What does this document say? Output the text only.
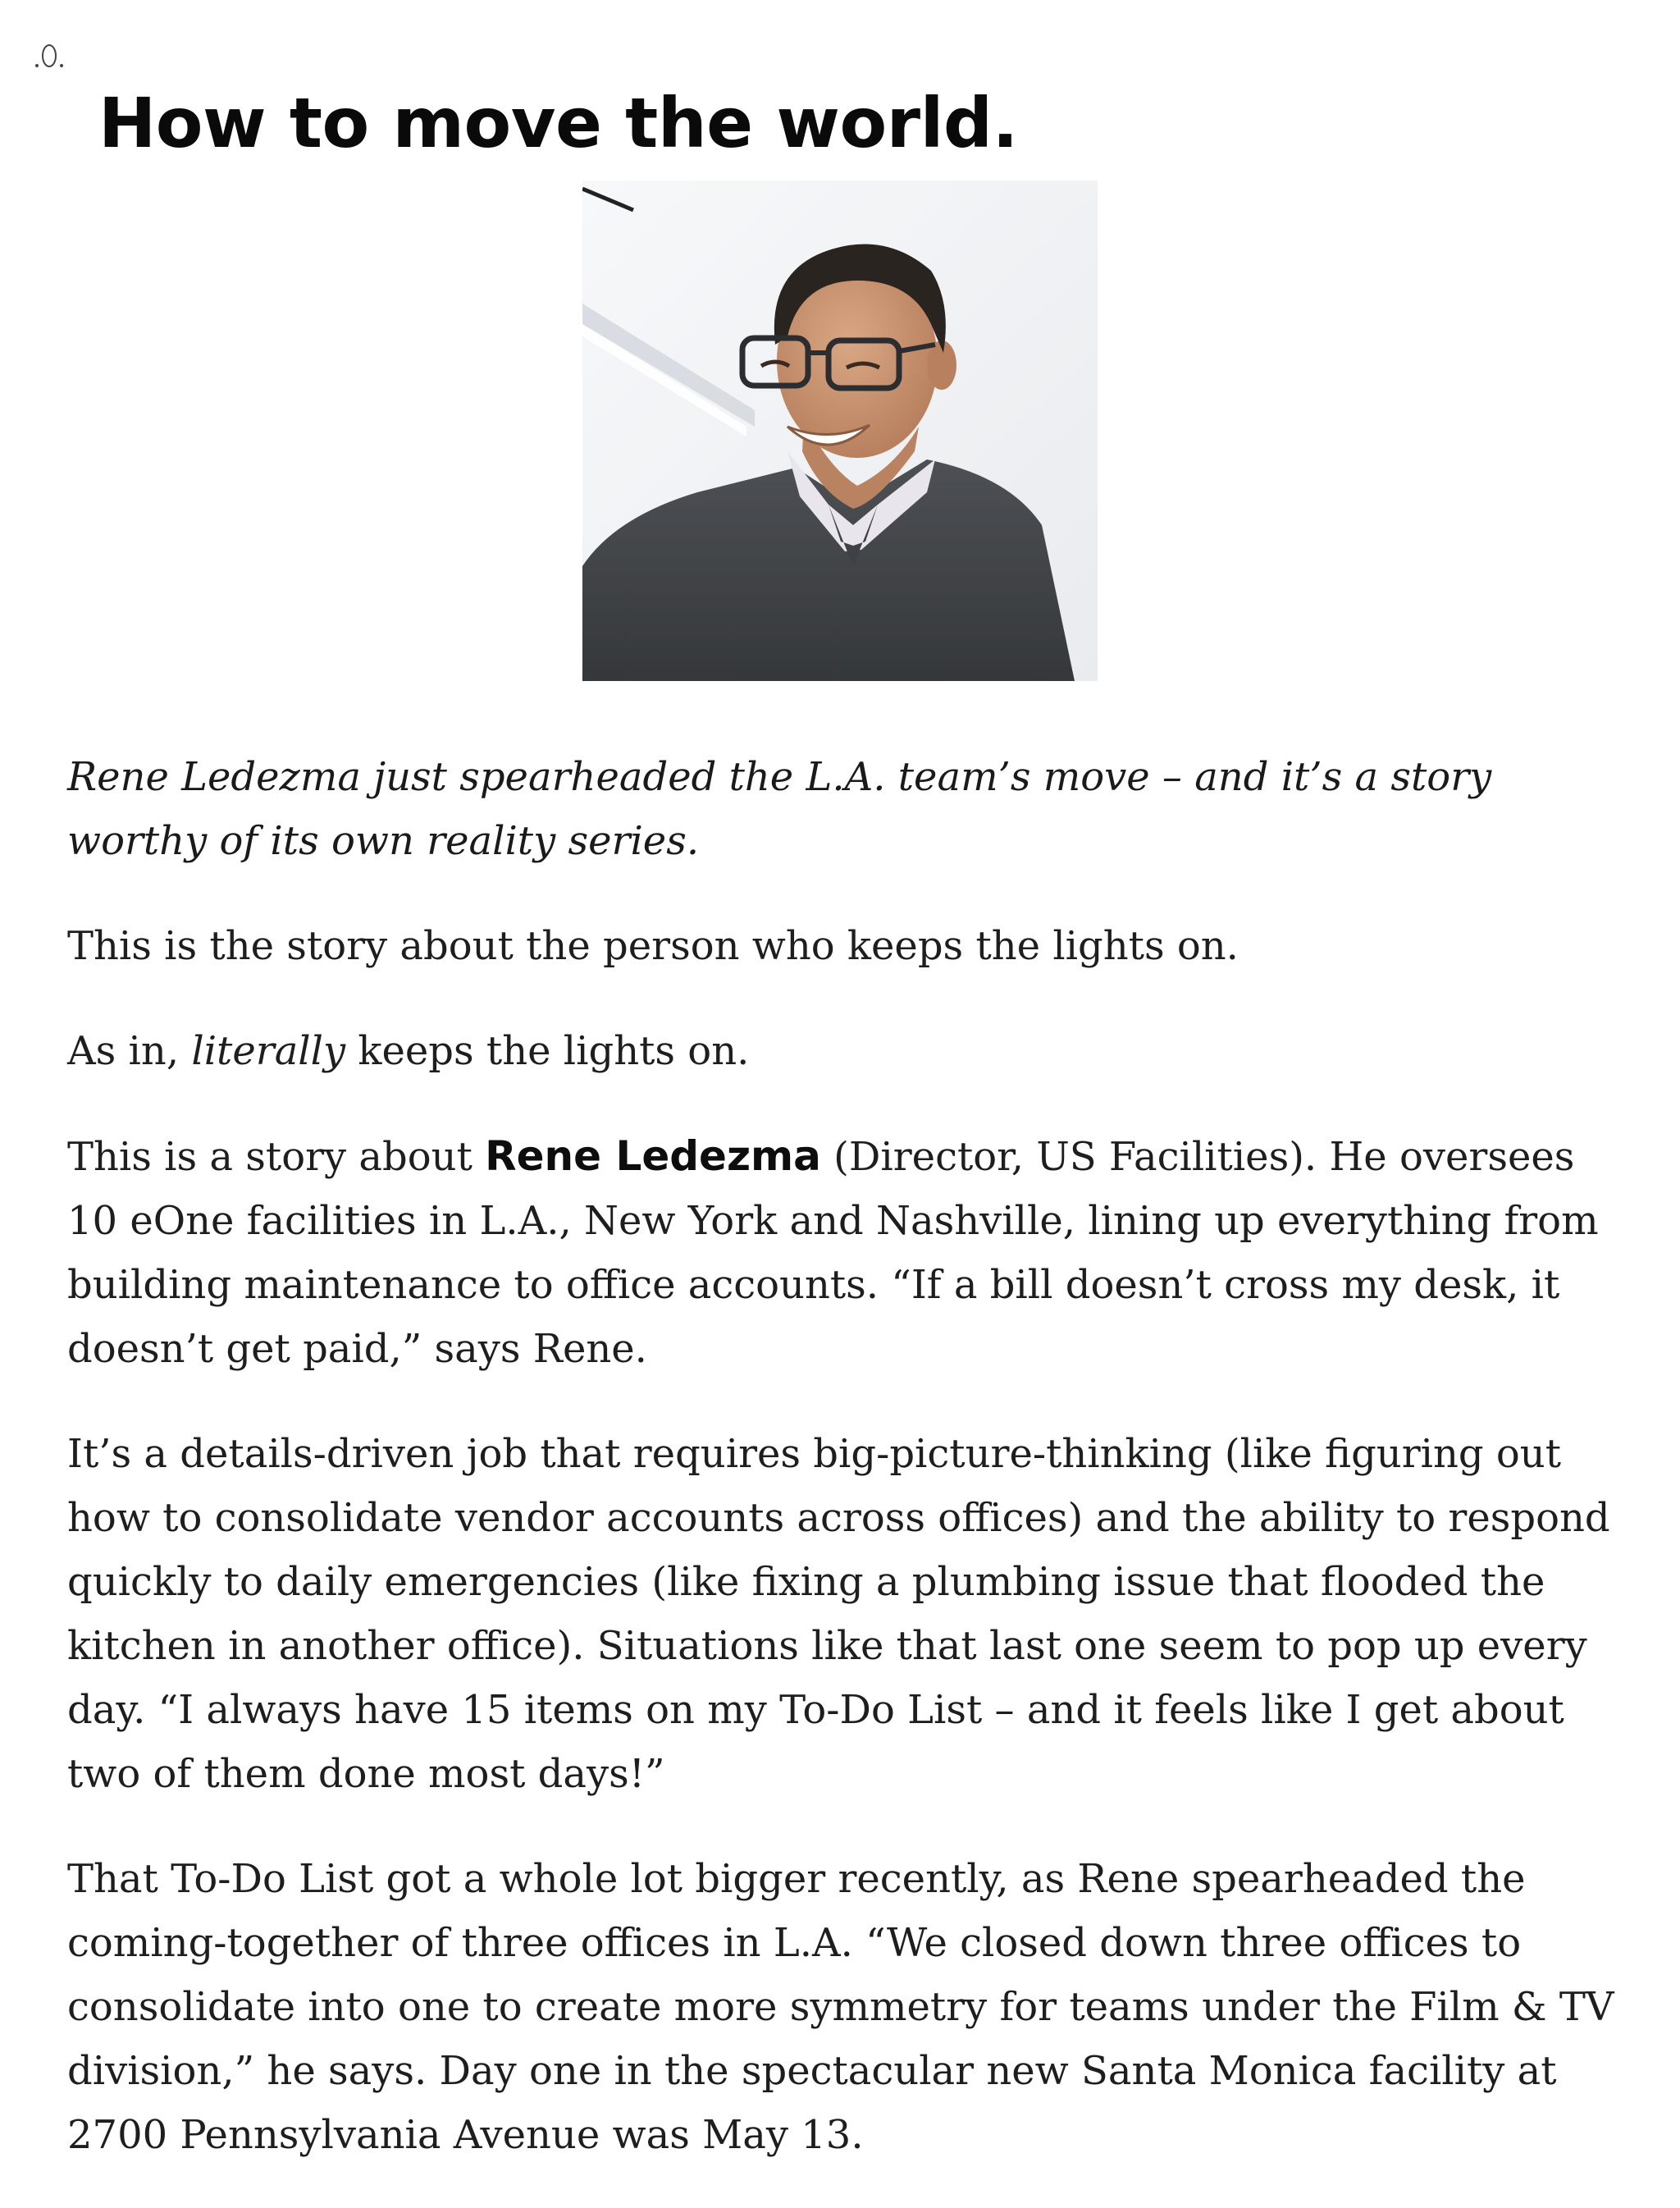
How to move the world.

Rene Ledezma just spearheaded the L.A. team’s move – and it’s a story worthy of its own reality series.

This is the story about the person who keeps the lights on.

As in, literally keeps the lights on.

This is a story about Rene Ledezma (Director, US Facilities). He oversees 10 eOne facilities in L.A., New York and Nashville, lining up everything from building maintenance to office accounts. “If a bill doesn’t cross my desk, it doesn’t get paid,” says Rene.

It’s a details-driven job that requires big-picture-thinking (like figuring out how to consolidate vendor accounts across offices) and the ability to respond quickly to daily emergencies (like fixing a plumbing issue that flooded the kitchen in another office). Situations like that last one seem to pop up every day. “I always have 15 items on my To-Do List – and it feels like I get about two of them done most days!”

That To-Do List got a whole lot bigger recently, as Rene spearheaded the coming-together of three offices in L.A. “We closed down three offices to consolidate into one to create more symmetry for teams under the Film & TV division,” he says. Day one in the spectacular new Santa Monica facility at 2700 Pennsylvania Avenue was May 13.
